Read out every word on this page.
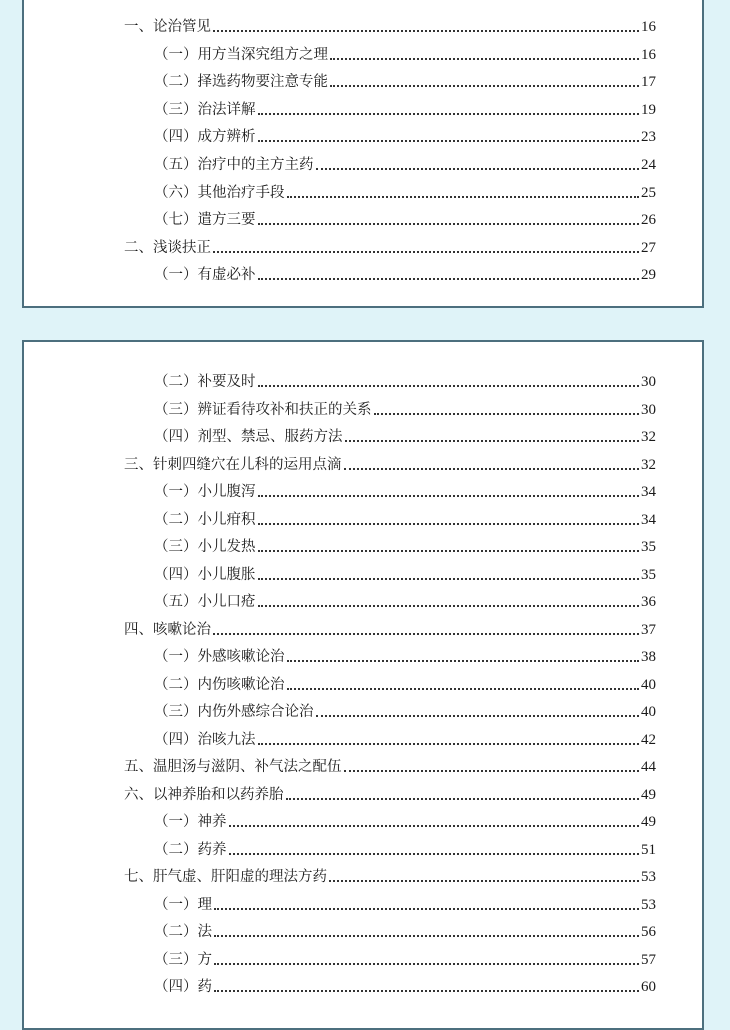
一、论治管见	16
（一）用方当深究组方之理	16
（二）择选药物要注意专能	17
（三）治法详解	19
（四）成方辨析	23
（五）治疗中的主方主药	24
（六）其他治疗手段	25
（七）遣方三要	26
二、浅谈扶正	27
（一）有虚必补	29
（二）补要及时	30
（三）辨证看待攻补和扶正的关系	30
（四）剂型、禁忌、服药方法	32
三、针刺四缝穴在儿科的运用点滴	32
（一）小儿腹泻	34
（二）小儿疳积	34
（三）小儿发热	35
（四）小儿腹胀	35
（五）小儿口疮	36
四、咳嗽论治	37
（一）外感咳嗽论治	38
（二）内伤咳嗽论治	40
（三）内伤外感综合论治	40
（四）治咳九法	42
五、温胆汤与滋阴、补气法之配伍	44
六、以神养胎和以药养胎	49
（一）神养	49
（二）药养	51
七、肝气虚、肝阳虚的理法方药	53
（一）理	53
（二）法	56
（三）方	57
（四）药	60
